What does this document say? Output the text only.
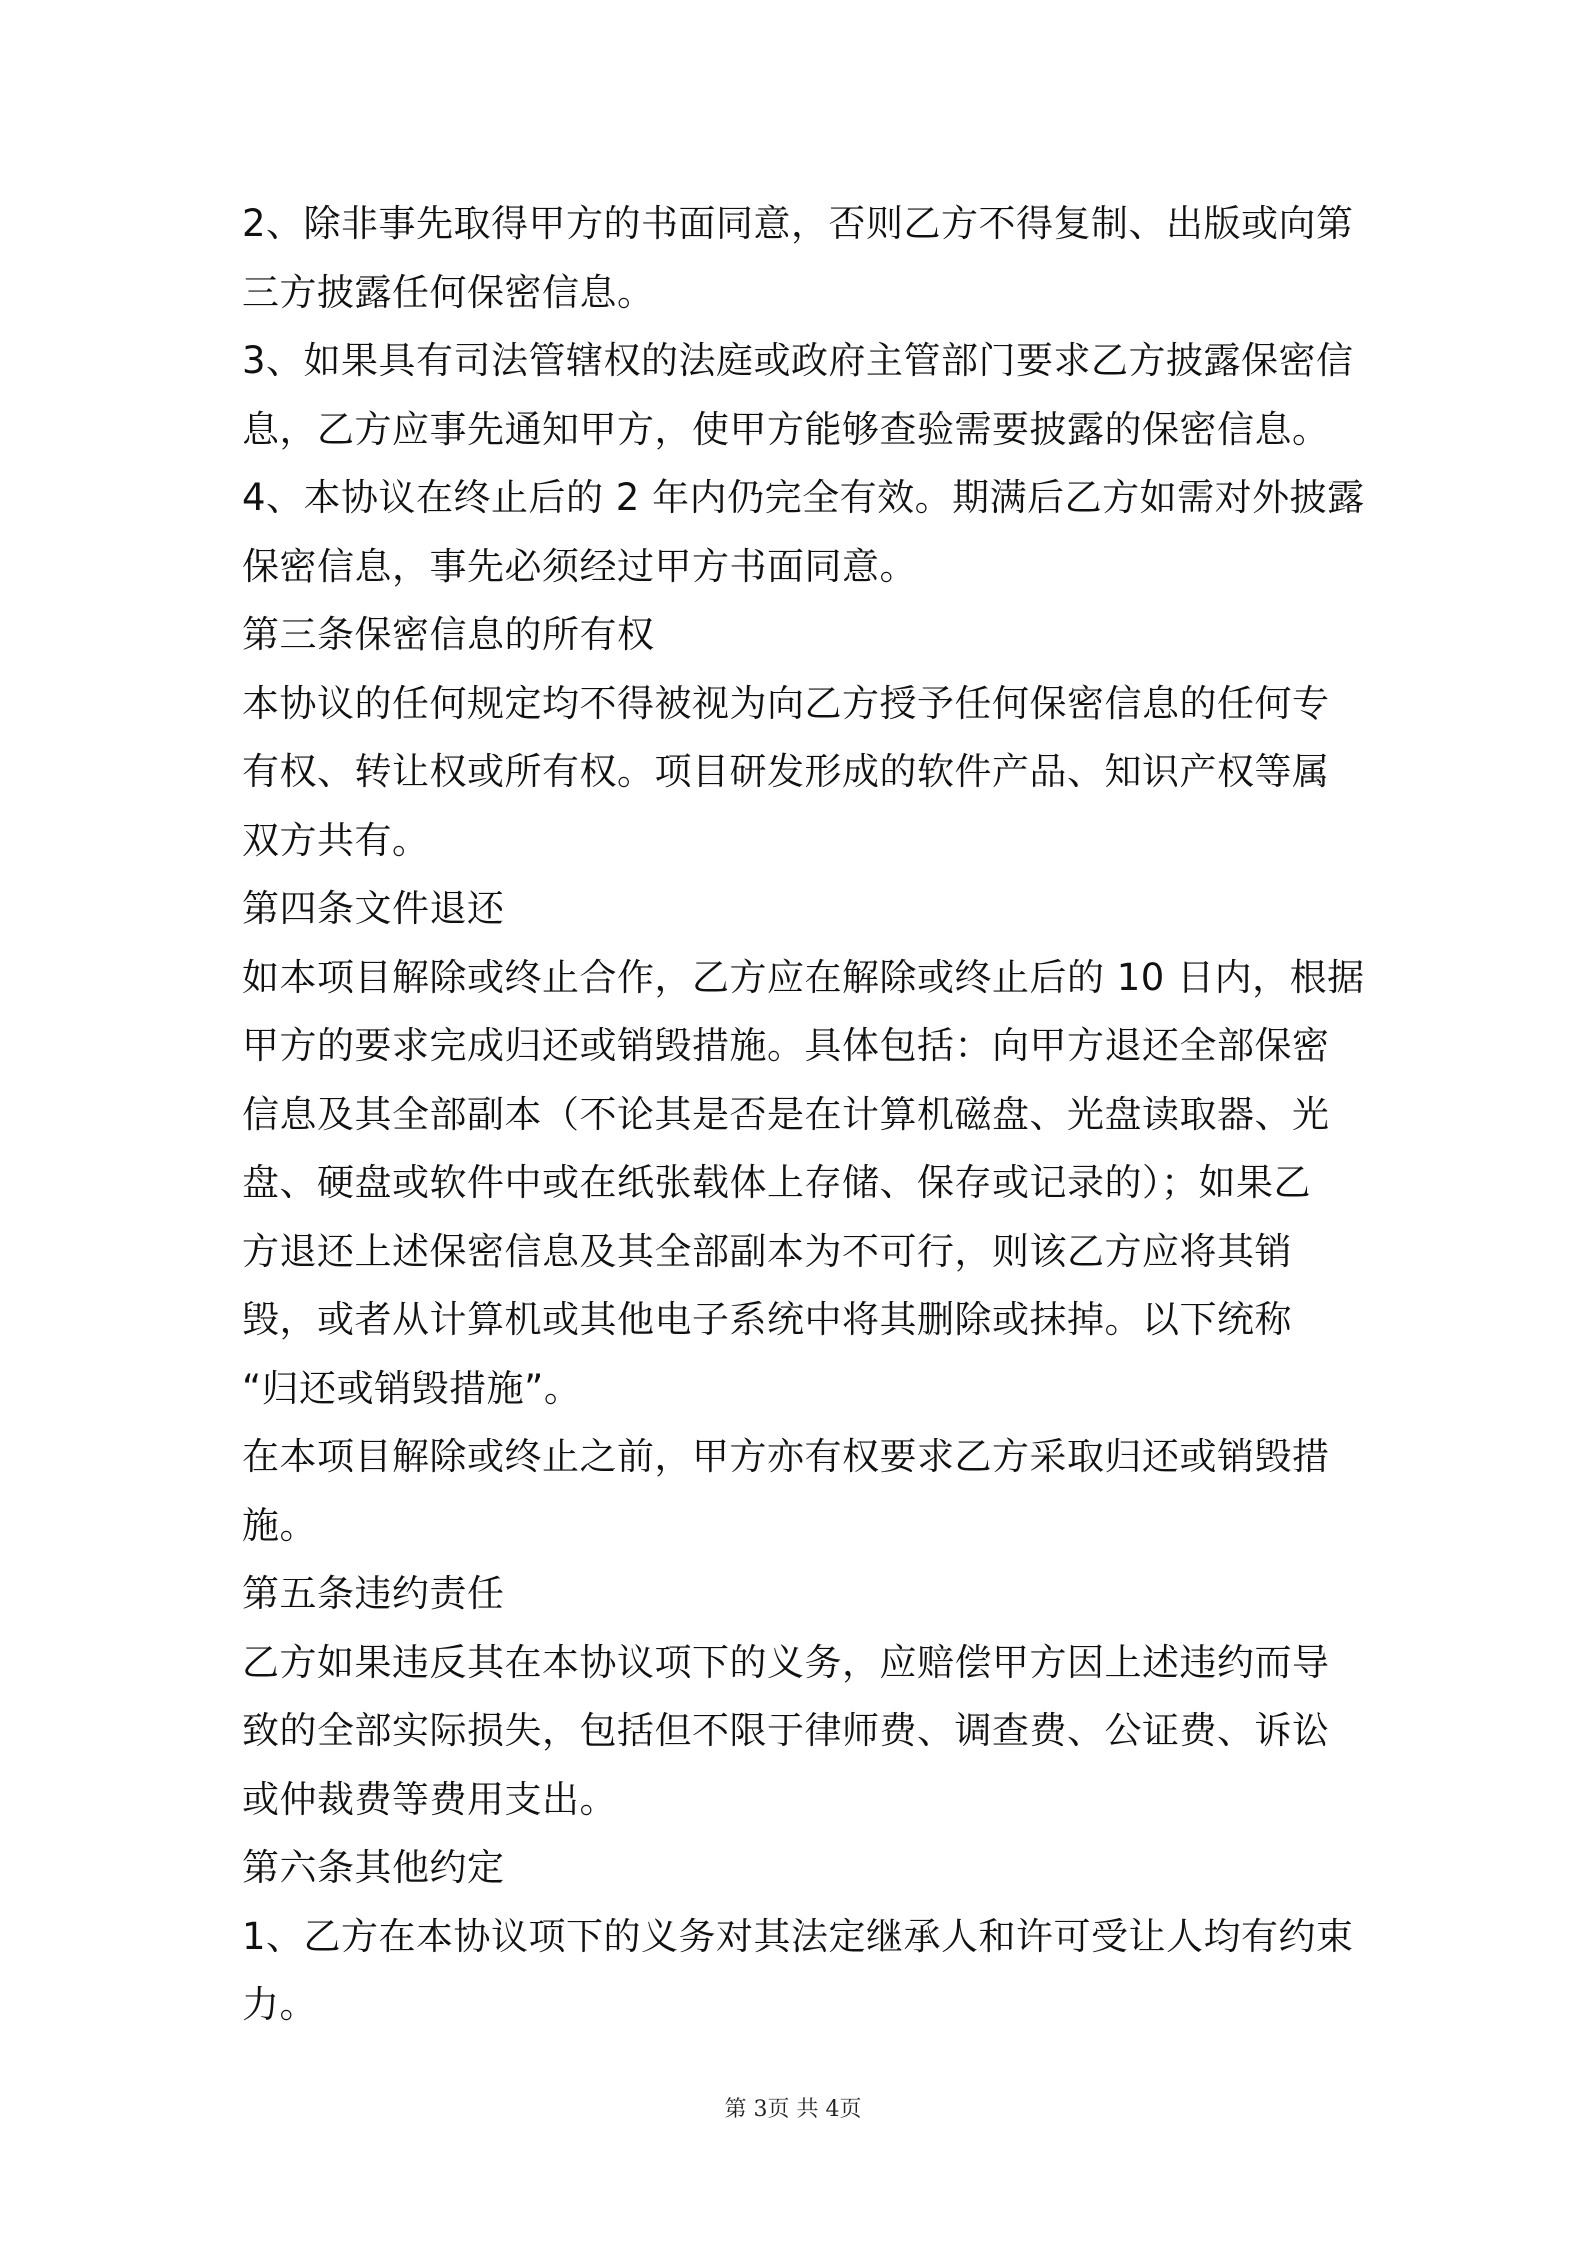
2、除非事先取得甲方的书面同意，否则乙方不得复制、出版或向第
三方披露任何保密信息。
3、如果具有司法管辖权的法庭或政府主管部门要求乙方披露保密信
息，乙方应事先通知甲方，使甲方能够查验需要披露的保密信息。
4、本协议在终止后的 2 年内仍完全有效。期满后乙方如需对外披露
保密信息，事先必须经过甲方书面同意。
第三条保密信息的所有权
本协议的任何规定均不得被视为向乙方授予任何保密信息的任何专
有权、转让权或所有权。项目研发形成的软件产品、知识产权等属
双方共有。
第四条文件退还
如本项目解除或终止合作，乙方应在解除或终止后的 10 日内，根据
甲方的要求完成归还或销毁措施。具体包括：向甲方退还全部保密
信息及其全部副本（不论其是否是在计算机磁盘、光盘读取器、光
盘、硬盘或软件中或在纸张载体上存储、保存或记录的）；如果乙
方退还上述保密信息及其全部副本为不可行，则该乙方应将其销
毁，或者从计算机或其他电子系统中将其删除或抹掉。以下统称
“归还或销毁措施”。
在本项目解除或终止之前，甲方亦有权要求乙方采取归还或销毁措
施。
第五条违约责任
乙方如果违反其在本协议项下的义务，应赔偿甲方因上述违约而导
致的全部实际损失，包括但不限于律师费、调查费、公证费、诉讼
或仲裁费等费用支出。
第六条其他约定
1、乙方在本协议项下的义务对其法定继承人和许可受让人均有约束
力。
第 3页 共 4页
